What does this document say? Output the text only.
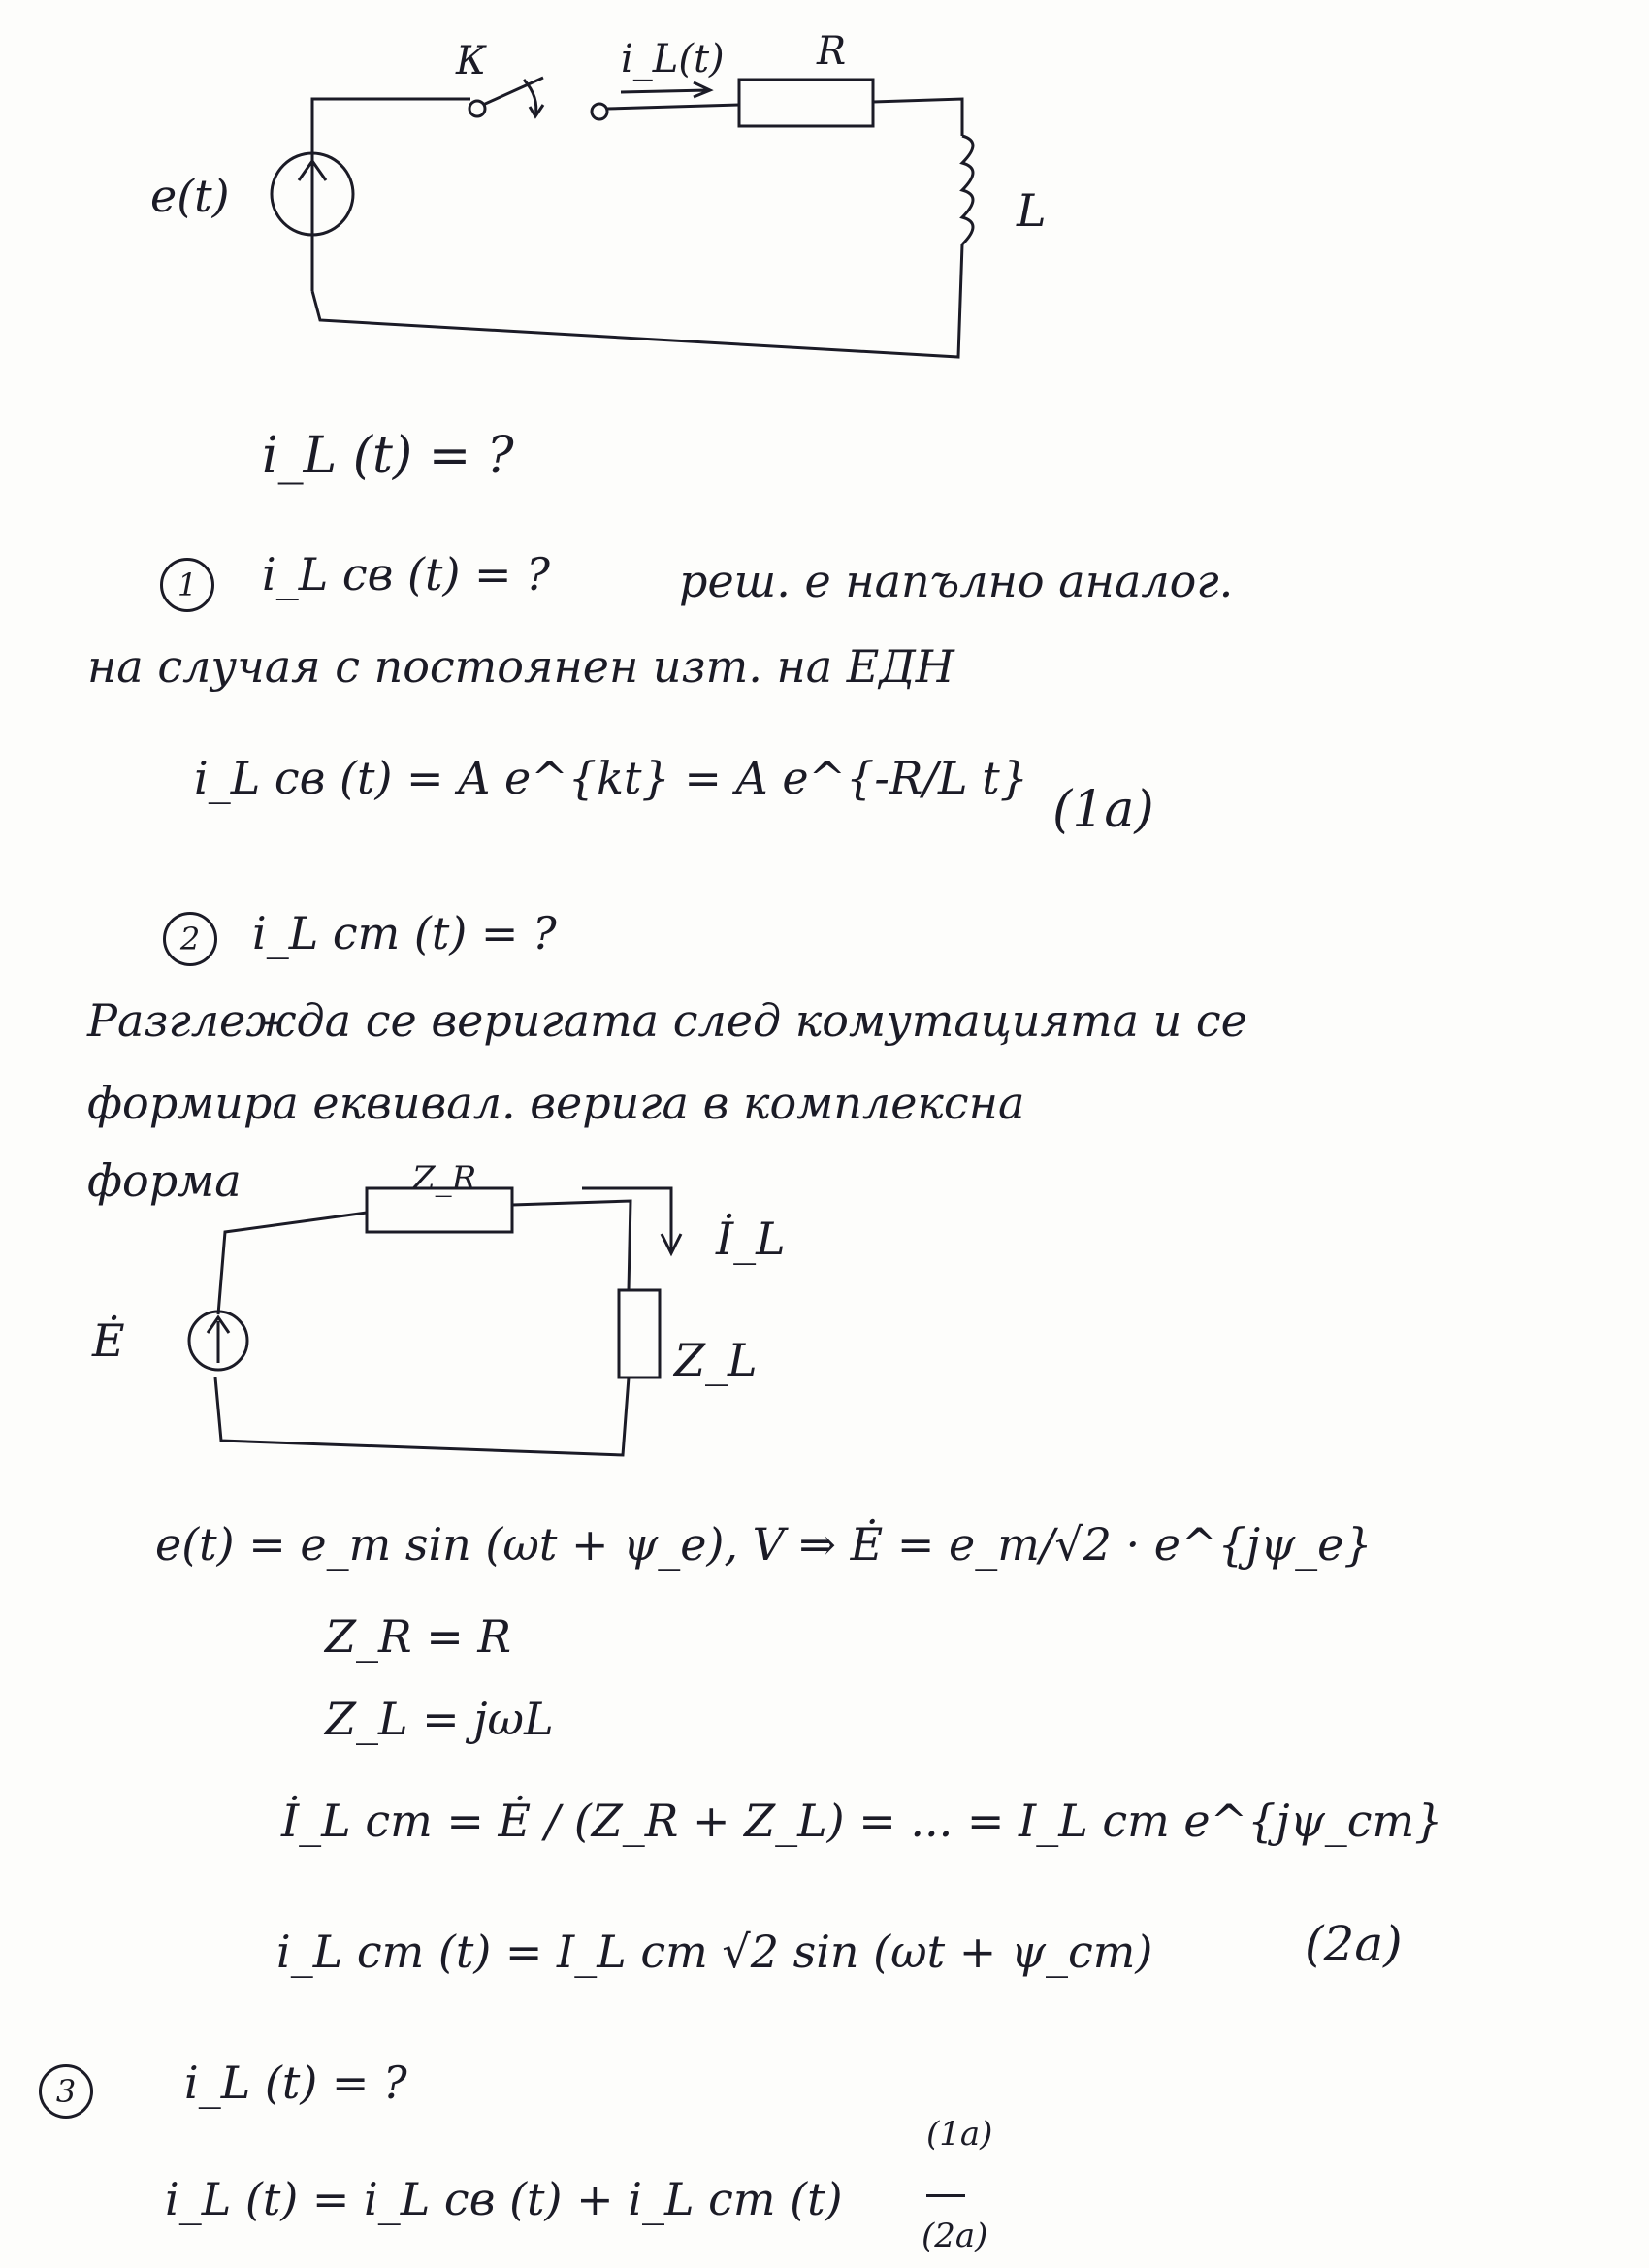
К	i_L(t) R
L
e(t)
i_L (t) = ?
1	i_L св (t) = ?	реш. е напълно аналог.
на случая с постоянен изт. на ЕДН
i_L св (t) = A e^{kt} = A e^{-R/L t}
(1a)
2	i_L ст (t) = ?
Разглежда се веригата след комутацията и се
формира еквивал. верига в комплексна
форма	Z_R
İ_L
Ė	Z_L
e(t) = e_m sin (ωt + ψ_e), V ⇒ Ė = e_m/√2 · e^{jψ_e}
Z_R = R
Z_L = jωL
İ_L ст = Ė / (Z_R + Z_L) = ... = I_L ст e^{jψ_ст}
i_L ст (t) = I_L ст √2 sin (ωt + ψ_ст)	(2a)
3	i_L (t) = ?
i_L (t) = i_L св (t) + i_L ст (t)
(1a)
(2a)
